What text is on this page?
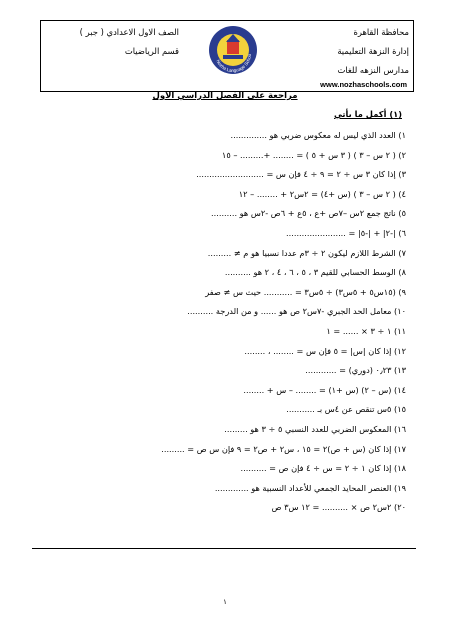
محافظة القاهرة
إدارة النزهة التعليمية
مدارس النزهه للغات
Nozha Language Schoo
الصف الاول الاعدادي ( جبر )
قسم الرياضيات
www.nozhaschools.com
مراجعة على الفصل الدراسي الاول
(١) أكمل ما يأتي
١) العدد الذي ليس له معكوس ضربي هو ..............
٢) ( ٢ س – ٣ ) ( ٣ س + ٥ ) = ........ +......... – ١٥
٣) إذا كان ٣ س ÷ ٢ = ٩ ÷ ٤ فإن س = ..........................
٤) ( ٢ س – ٣ ) (س +٤) = ٢س٢ + ........ – ١٢
٥) ناتج جمع ٢س –٧ص +ع ، ٥ع + ٦ص -٢س هو ..........
٦) |-٢| + |-٥| = .......................
٧) الشرط اللازم ليكون ٢ ÷ ٣م عددا نسبيا هو م ≠ .........
٨) الوسط الحسابي للقيم ٣ ، ٥ ، ٦ ، ٤ ، ٢ هو ..........
٩) (١٥س٥ + ٥س٣) ÷ ٥س٣ = ........... حيث س ≠ صفر
١٠) معامل الحد الجبري -٧س٢ ص هو ...... و من الدرجة ..........
١١) ١ ÷ ٣ × ...... = ١
١٢) إذا كان |س| = ٥ فإن س = ........ ، ........
١٣) ٠٫٢٣ (دوري) = ............
١٤) (س – ٢) (س +١) = ........ – س + ........
١٥) ٥س تنقص عن ٤س بـ ...........
١٦) المعكوس الضربي للعدد النسبي ٥ ÷ ٣ هو .........
١٧) إذا كان (س + ص)٢ = ١٥ ، س٢ + ص٢ = ٩ فإن س ص = .........
١٨) إذا كان ١ ÷ ٢ = س ÷ ٤ فإن ص = ..........
١٩) العنصر المحايد الجمعي للأعداد النسبية هو .............
٢٠) ٢س٢ ص × .......... = ١٢ س٣ ص
١
